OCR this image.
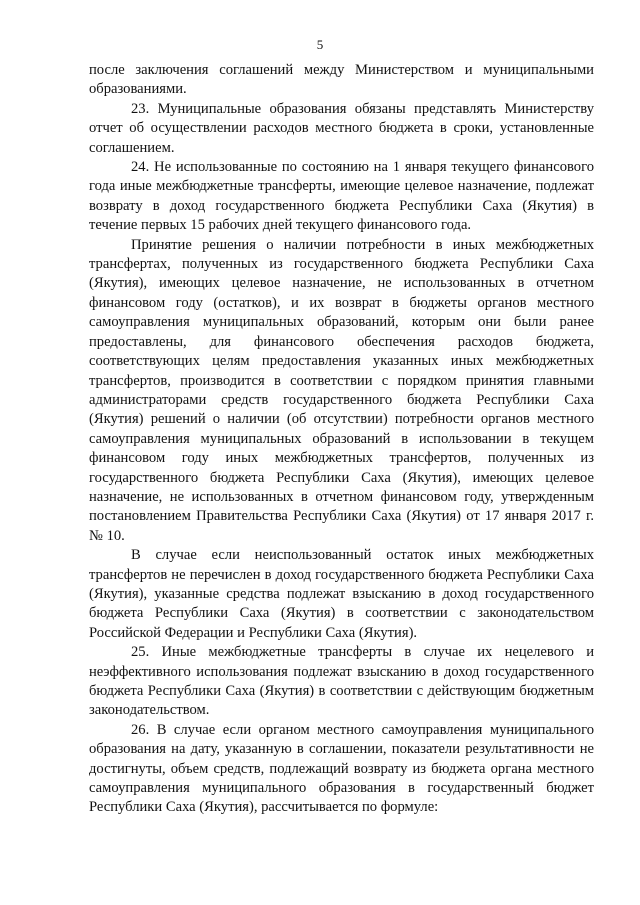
5

после заключения соглашений между Министерством и муниципальными образованиями.

23. Муниципальные образования обязаны представлять Министерству отчет об осуществлении расходов местного бюджета в сроки, установленные соглашением.

24. Не использованные по состоянию на 1 января текущего финансового года иные межбюджетные трансферты, имеющие целевое назначение, подлежат возврату в доход государственного бюджета Республики Саха (Якутия) в течение первых 15 рабочих дней текущего финансового года.

Принятие решения о наличии потребности в иных межбюджетных трансфертах, полученных из государственного бюджета Республики Саха (Якутия), имеющих целевое назначение, не использованных в отчетном финансовом году (остатков), и их возврат в бюджеты органов местного самоуправления муниципальных образований, которым они были ранее предоставлены, для финансового обеспечения расходов бюджета, соответствующих целям предоставления указанных иных межбюджетных трансфертов, производится в соответствии с порядком принятия главными администраторами средств государственного бюджета Республики Саха (Якутия) решений о наличии (об отсутствии) потребности органов местного самоуправления муниципальных образований в использовании в текущем финансовом году иных межбюджетных трансфертов, полученных из государственного бюджета Республики Саха (Якутия), имеющих целевое назначение, не использованных в отчетном финансовом году, утвержденным постановлением Правительства Республики Саха (Якутия) от 17 января 2017 г. № 10.

В случае если неиспользованный остаток иных межбюджетных трансфертов не перечислен в доход государственного бюджета Республики Саха (Якутия), указанные средства подлежат взысканию в доход государственного бюджета Республики Саха (Якутия) в соответствии с законодательством Российской Федерации и Республики Саха (Якутия).

25. Иные межбюджетные трансферты в случае их нецелевого и неэффективного использования подлежат взысканию в доход государственного бюджета Республики Саха (Якутия) в соответствии с действующим бюджетным законодательством.

26. В случае если органом местного самоуправления муниципального образования на дату, указанную в соглашении, показатели результативности не достигнуты, объем средств, подлежащий возврату из бюджета органа местного самоуправления муниципального образования в государственный бюджет Республики Саха (Якутия), рассчитывается по формуле:
